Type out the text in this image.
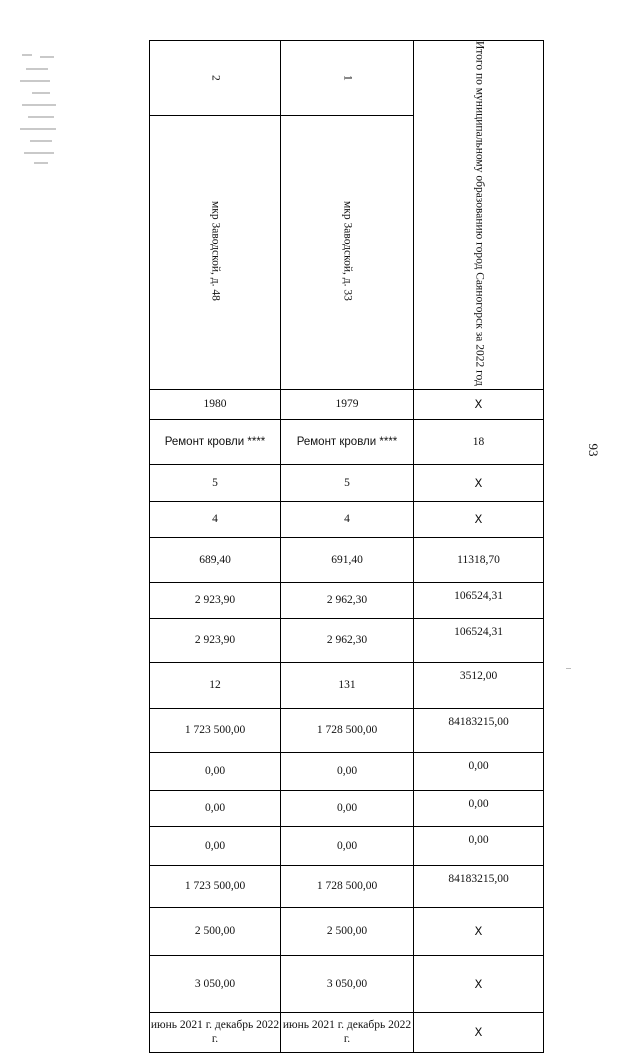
93
2	1	Итого по муниципальному образованию город Саяногорск за 2022 год
мкр Заводской, д. 48	мкр Заводской, д. 33	
1980	1979	X
Ремонт кровли ****	Ремонт кровли ****	18
5	5	X
4	4	X
689,40	691,40	11318,70
2 923,90	2 962,30	106524,31
2 923,90	2 962,30	106524,31
12	131	3512,00
1 723 500,00	1 728 500,00	84183215,00
0,00	0,00	0,00
0,00	0,00	0,00
0,00	0,00	0,00
1 723 500,00	1 728 500,00	84183215,00
2 500,00	2 500,00	X
3 050,00	3 050,00	X
июнь 2021 г. декабрь 2022 г.	июнь 2021 г. декабрь 2022 г.	X
